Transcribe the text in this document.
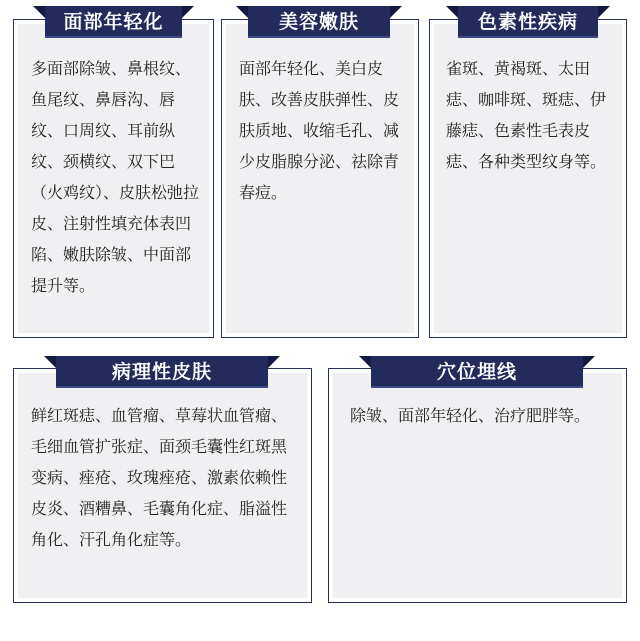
多面部除皱、鼻根纹、鱼尾纹、鼻唇沟、唇纹、口周纹、耳前纵纹、颈横纹、双下巴（火鸡纹）、皮肤松弛拉皮、注射性填充体表凹陷、嫩肤除皱、中面部提升等。

面部年轻化

面部年轻化、美白皮肤、改善皮肤弹性、皮肤质地、收缩毛孔、减少皮脂腺分泌、祛除青春痘。

美容嫩肤

雀斑、黄褐斑、太田痣、咖啡斑、斑痣、伊藤痣、色素性毛表皮痣、各种类型纹身等。

色素性疾病

鲜红斑痣、血管瘤、草莓状血管瘤、毛细血管扩张症、面颈毛囊性红斑黑变病、痤疮、玫瑰痤疮、激素依赖性皮炎、酒糟鼻、毛囊角化症、脂溢性角化、汗孔角化症等。

病理性皮肤

除皱、面部年轻化、治疗肥胖等。

穴位埋线
